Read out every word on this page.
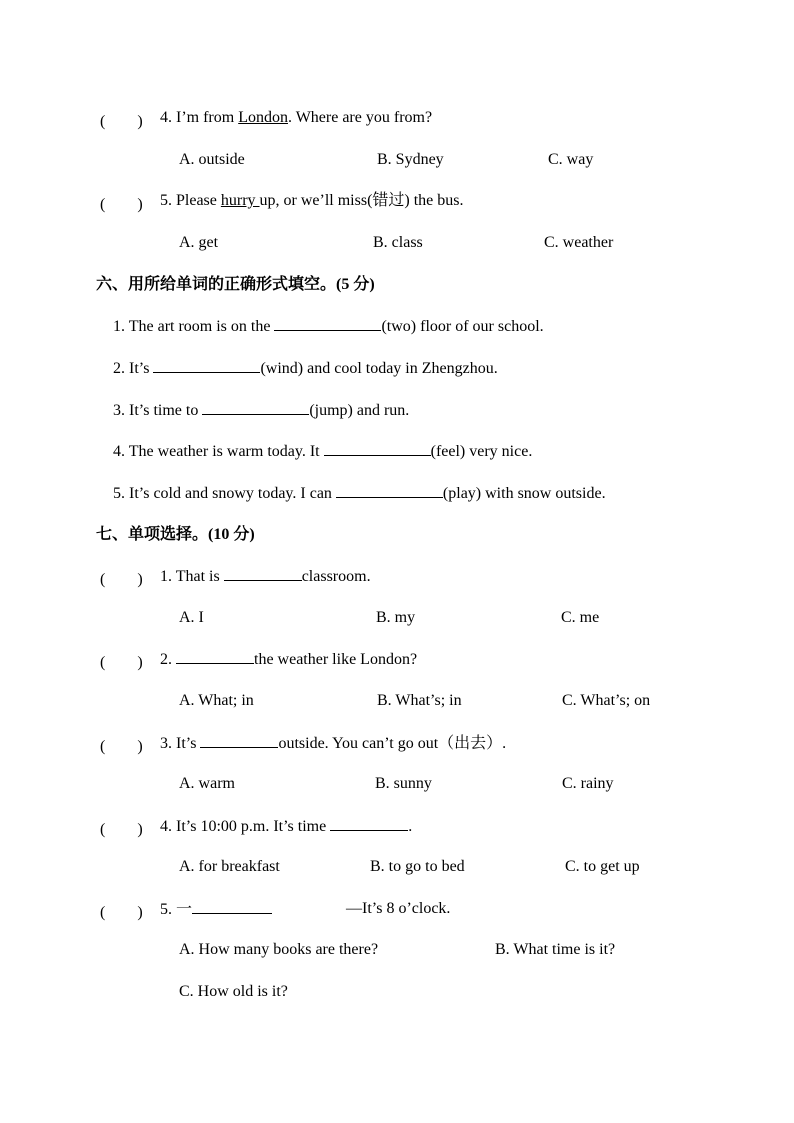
(　　) 4. I’m from London. Where are you from?
A. outside	B. Sydney	C. way
(　　) 5. Please hurry up, or we’ll miss(错过) the bus.
A. get	B. class	C. weather
六、用所给单词的正确形式填空。(5 分)
1. The art room is on the	(two) floor of our school.
2. It’s	(wind) and cool today in Zhengzhou.
3. It’s time to	(jump) and run.
4. The weather is warm today. It	(feel) very nice.
5. It’s cold and snowy today. I can	(play) with snow outside.
七、单项选择。(10 分)
(　　) 1. That is	classroom.
A. I	B. my	C. me
(　　) 2.	the weather like London?
A. What; in	B. What’s; in	C. What’s; on
(　　) 3. It’s	outside. You can’t go out（出去）.
A. warm	B. sunny	C. rainy
(　　) 4. It’s 10:00 p.m. It’s time	.
A. for breakfast	B. to go to bed	C. to get up
(　　) 5. 一	—It’s 8 o’clock.
A. How many books are there?	B. What time is it?
C. How old is it?
